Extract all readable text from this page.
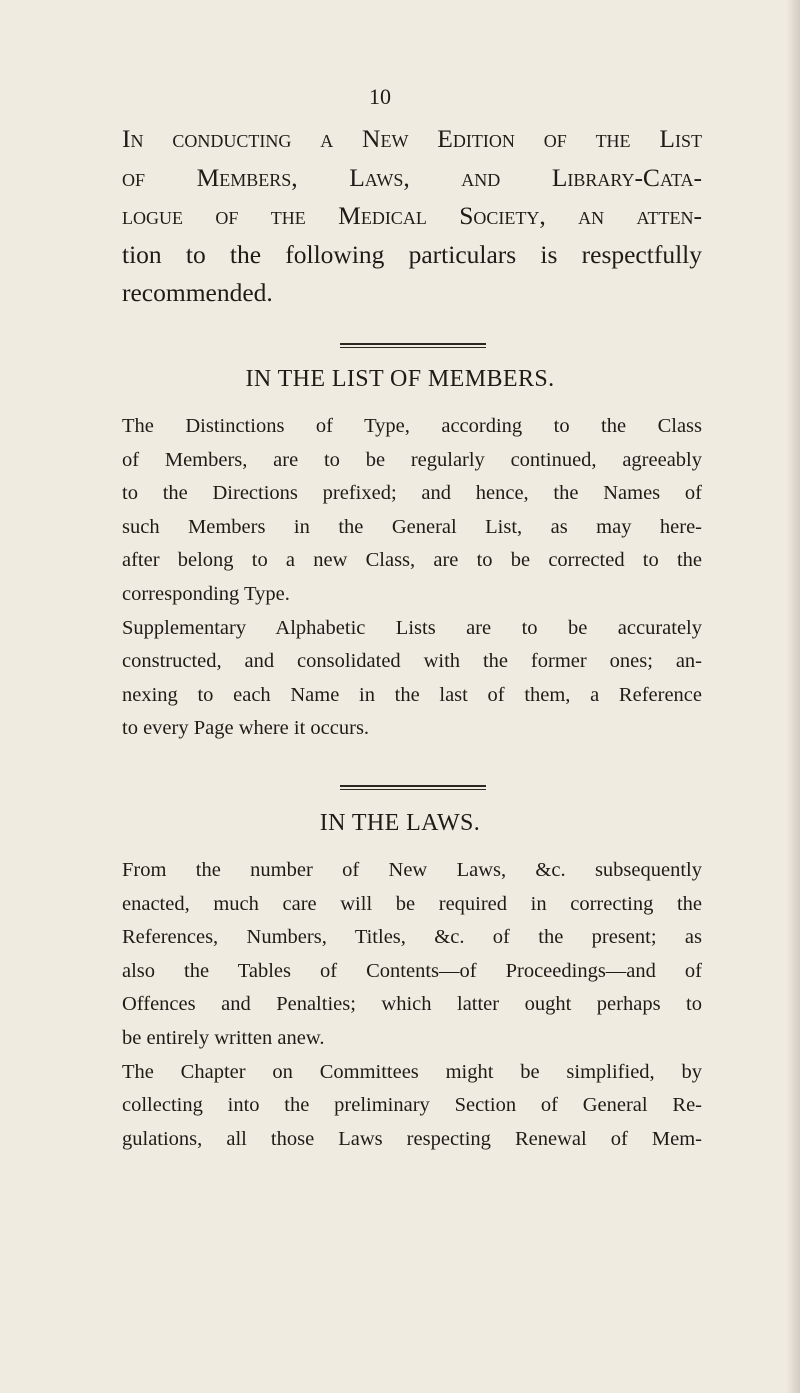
10
In conducting a New Edition of the List
of Members, Laws, and Library-Cata-
logue of the Medical Society, an atten-
tion to the following particulars is respectfully
recommended.
IN THE LIST OF MEMBERS.
The Distinctions of Type, according to the Class
of Members, are to be regularly continued, agreeably
to the Directions prefixed; and hence, the Names of
such Members in the General List, as may here-
after belong to a new Class, are to be corrected to the
corresponding Type.
Supplementary Alphabetic Lists are to be accurately
constructed, and consolidated with the former ones; an-
nexing to each Name in the last of them, a Reference
to every Page where it occurs.
IN THE LAWS.
From the number of New Laws, &c. subsequently
enacted, much care will be required in correcting the
References, Numbers, Titles, &c. of the present; as
also the Tables of Contents—of Proceedings—and of
Offences and Penalties; which latter ought perhaps to
be entirely written anew.
The Chapter on Committees might be simplified, by
collecting into the preliminary Section of General Re-
gulations, all those Laws respecting Renewal of Mem-
